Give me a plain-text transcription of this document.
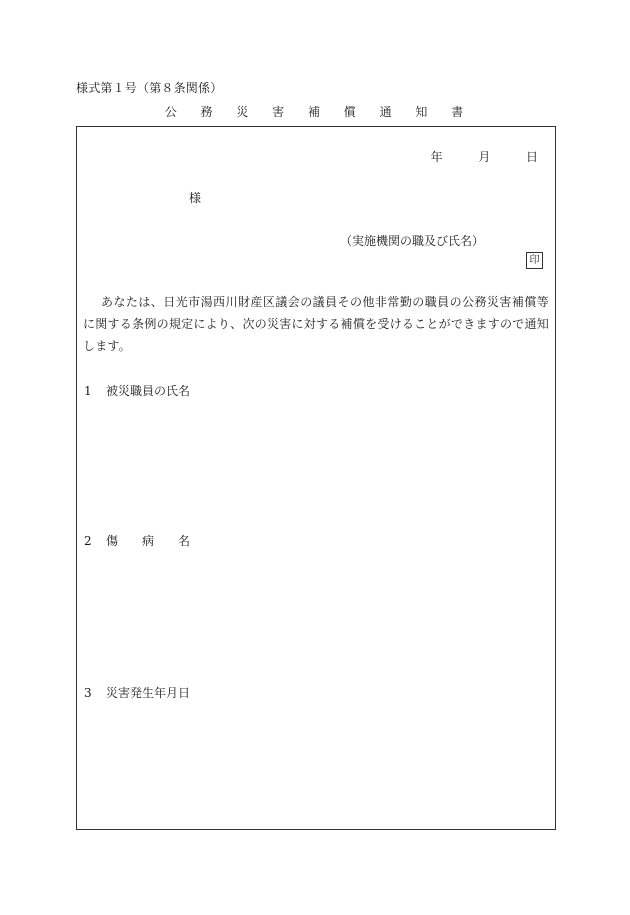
様式第１号（第８条関係）
公 務 災 害 補 償 通 知 書
年	月	日
様
（実施機関の職及び氏名）
印
あなたは、日光市湯西川財産区議会の議員その他非常勤の職員の公務災害補償等に関する条例の規定により、次の災害に対する補償を受けることができますので通知します。
1 被災職員の氏名
2 傷病名
3 災害発生年月日
